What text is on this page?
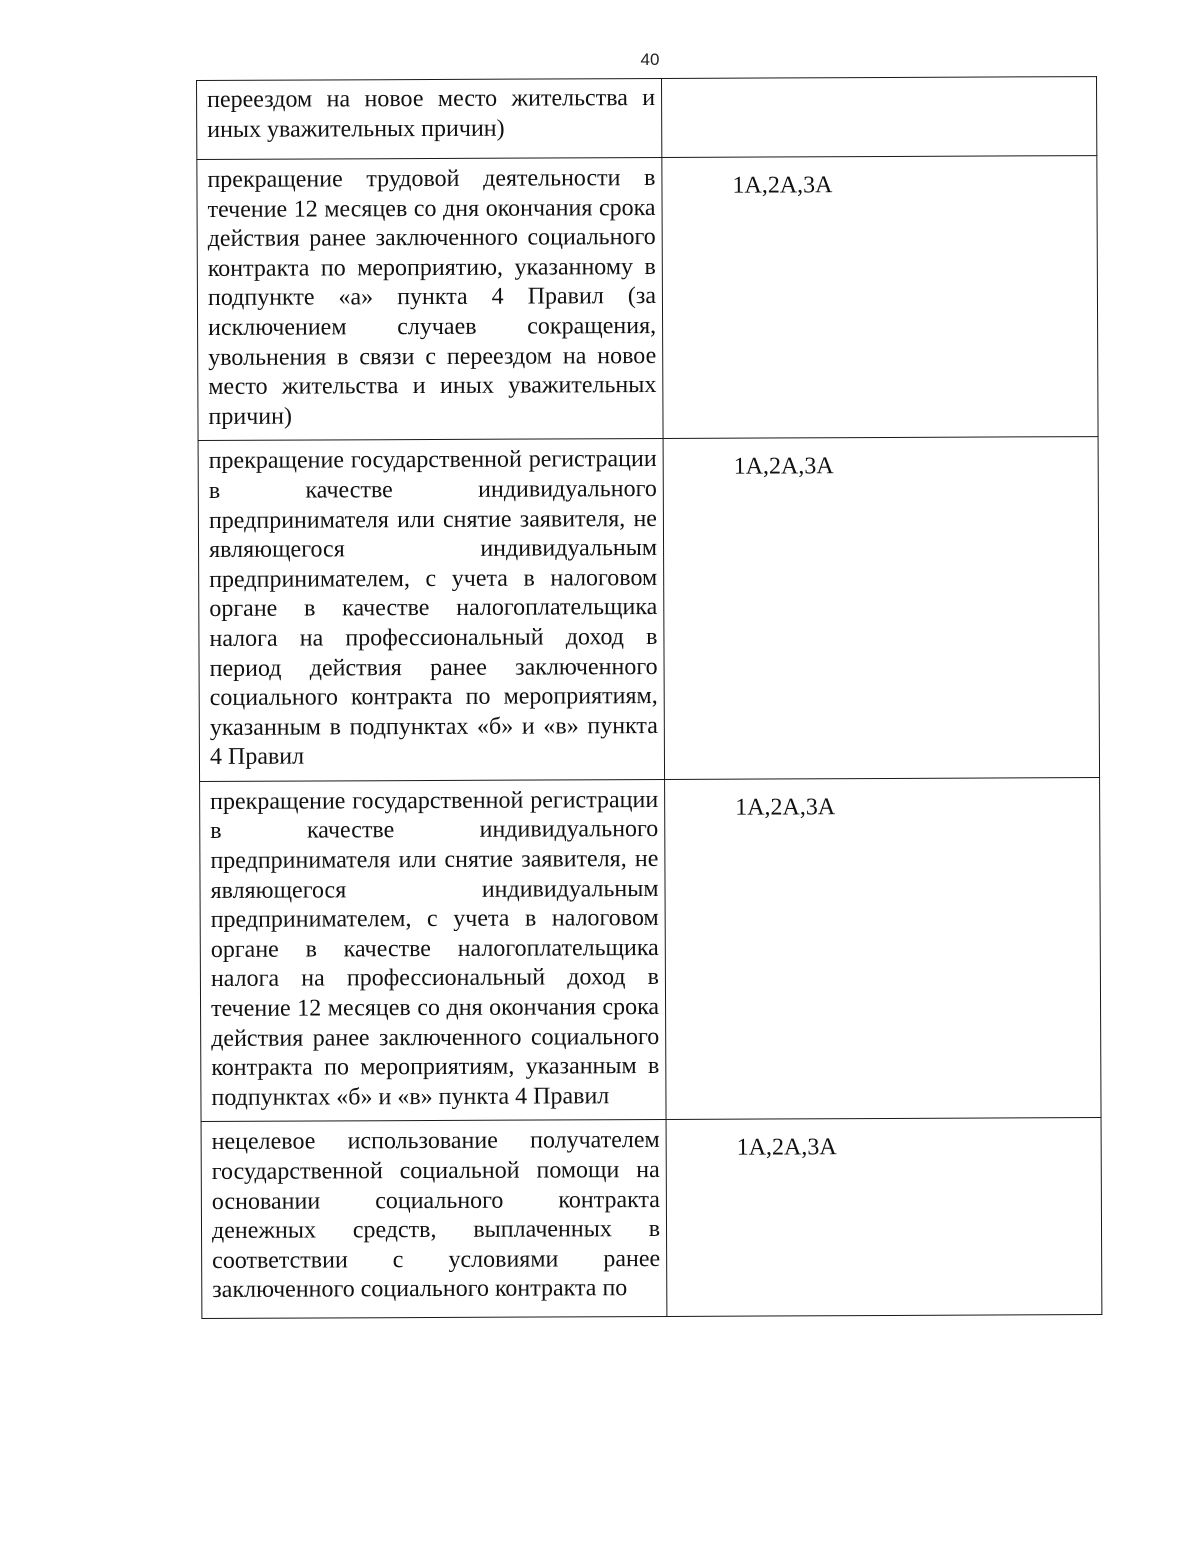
40
переездом на новое место жительства и иных уважительных причин)	

прекращение трудовой деятельности в течение 12 месяцев со дня окончания срока действия ранее заключенного социального контракта по мероприятию, указанному в подпункте «а» пункта 4 Правил (за исключением случаев сокращения, увольнения в связи с переездом на новое место жительства и иных уважительных причин)	1А,2А,3А

прекращение государственной регистрации в качестве индивидуального предпринимателя или снятие заявителя, не являющегося индивидуальным предпринимателем, с учета в налоговом органе в качестве налогоплательщика налога на профессиональный доход в период действия ранее заключенного социального контракта по мероприятиям, указанным в подпунктах «б» и «в» пункта 4 Правил	1А,2А,3А

прекращение государственной регистрации в качестве индивидуального предпринимателя или снятие заявителя, не являющегося индивидуальным предпринимателем, с учета в налоговом органе в качестве налогоплательщика налога на профессиональный доход в течение 12 месяцев со дня окончания срока действия ранее заключенного социального контракта по мероприятиям, указанным в подпунктах «б» и «в» пункта 4 Правил	1А,2А,3А

нецелевое использование получателем государственной социальной помощи на основании социального контракта денежных средств, выплаченных в соответствии с условиями ранее заключенного социального контракта по	1А,2А,3А
